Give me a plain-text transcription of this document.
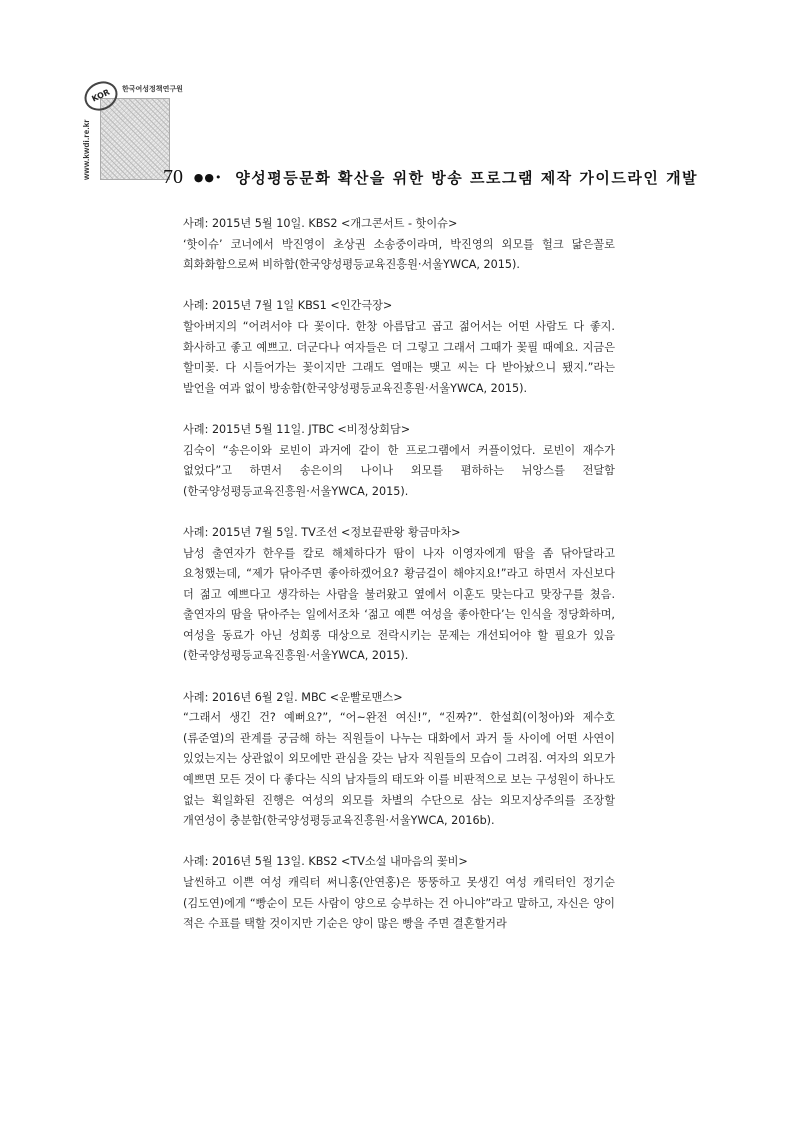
KOR	한국여성정책연구원
www.kwdi.re.kr	70 ●●• 양성평등문화 확산을 위한 방송 프로그램 제작 가이드라인 개발

사례: 2015년 5월 10일. KBS2 <개그콘서트 - 핫이슈>

‘핫이슈’ 코너에서 박진영이 초상권 소송중이라며, 박진영의 외모를 헐크 닮은꼴로 희화화함으로써 비하함(한국양성평등교육진흥원·서울YWCA, 2015).

사례: 2015년 7월 1일 KBS1 <인간극장>

할아버지의 “어려서야 다 꽃이다. 한창 아름답고 곱고 젊어서는 어떤 사람도 다 좋지. 화사하고 좋고 예쁘고. 더군다나 여자들은 더 그렇고 그래서 그때가 꽃필 때예요. 지금은 할미꽃. 다 시들어가는 꽃이지만 그래도 열매는 맺고 씨는 다 받아놨으니 됐지.”라는 발언을 여과 없이 방송함(한국양성평등교육진흥원·서울YWCA, 2015).

사례: 2015년 5월 11일. JTBC <비정상회담>

김숙이 “송은이와 로빈이 과거에 같이 한 프로그램에서 커플이었다. 로빈이 재수가 없었다”고 하면서 송은이의 나이나 외모를 폄하하는 뉘앙스를 전달함(한국양성평등교육진흥원·서울YWCA, 2015).

사례: 2015년 7월 5일. TV조선 <정보끝판왕 황금마차>

남성 출연자가 한우를 칼로 해체하다가 땀이 나자 이영자에게 땀을 좀 닦아달라고 요청했는데, “제가 닦아주면 좋아하겠어요? 황금걸이 해야지요!”라고 하면서 자신보다 더 젊고 예쁘다고 생각하는 사람을 불러왔고 옆에서 이훈도 맞는다고 맞장구를 쳤음. 출연자의 땀을 닦아주는 일에서조차 ‘젊고 예쁜 여성을 좋아한다’는 인식을 정당화하며, 여성을 동료가 아닌 성희롱 대상으로 전락시키는 문제는 개선되어야 할 필요가 있음(한국양성평등교육진흥원·서울YWCA, 2015).

사례: 2016년 6월 2일. MBC <운빨로맨스>

“그래서 생긴 건? 예뻐요?”, “어~완전 여신!”, “진짜?”. 한설희(이청아)와 제수호(류준열)의 관계를 궁금해 하는 직원들이 나누는 대화에서 과거 둘 사이에 어떤 사연이 있었는지는 상관없이 외모에만 관심을 갖는 남자 직원들의 모습이 그려짐. 여자의 외모가 예쁘면 모든 것이 다 좋다는 식의 남자들의 태도와 이를 비판적으로 보는 구성원이 하나도 없는 획일화된 진행은 여성의 외모를 차별의 수단으로 삼는 외모지상주의를 조장할 개연성이 충분함(한국양성평등교육진흥원·서울YWCA, 2016b).

사례: 2016년 5월 13일. KBS2 <TV소설 내마음의 꽃비>

날씬하고 이쁜 여성 캐릭터 써니홍(안연홍)은 뚱뚱하고 못생긴 여성 캐릭터인 정기순(김도연)에게 “빵순이 모든 사람이 양으로 승부하는 건 아니야”라고 말하고, 자신은 양이 적은 수표를 택할 것이지만 기순은 양이 많은 빵을 주면 결혼할거라
